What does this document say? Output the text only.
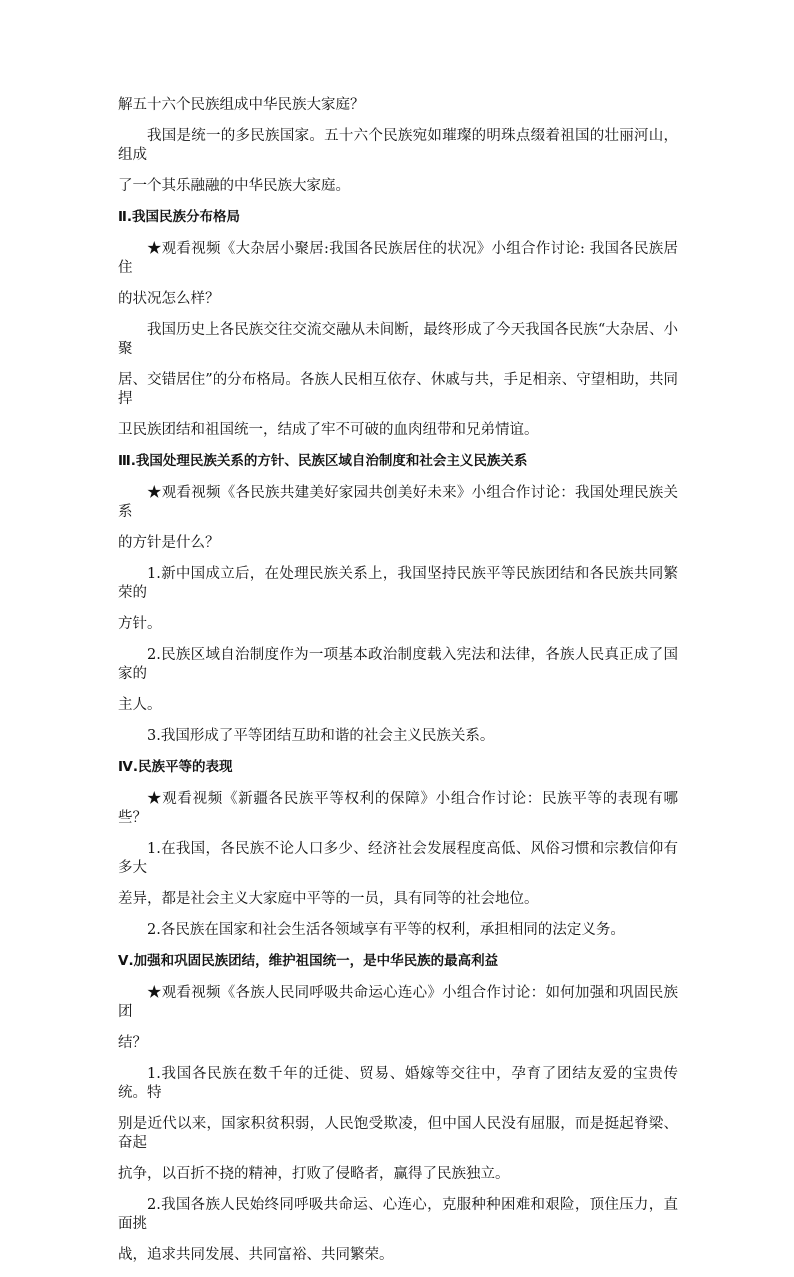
解五十六个民族组成中华民族大家庭？

我国是统一的多民族国家。五十六个民族宛如璀璨的明珠点缀着祖国的壮丽河山，组成

了一个其乐融融的中华民族大家庭。

Ⅱ.我国民族分布格局

★观看视频《大杂居小聚居:我国各民族居住的状况》小组合作讨论: 我国各民族居住

的状况怎么样？

我国历史上各民族交往交流交融从未间断，最终形成了今天我国各民族“大杂居、小聚

居、交错居住”的分布格局。各族人民相互依存、休戚与共，手足相亲、守望相助，共同捍

卫民族团结和祖国统一，结成了牢不可破的血肉纽带和兄弟情谊。

Ⅲ.我国处理民族关系的方针、民族区域自治制度和社会主义民族关系

★观看视频《各民族共建美好家园共创美好未来》小组合作讨论：我国处理民族关系

的方针是什么？

1.新中国成立后，在处理民族关系上，我国坚持民族平等民族团结和各民族共同繁荣的

方针。

2.民族区域自治制度作为一项基本政治制度载入宪法和法律，各族人民真正成了国家的

主人。

3.我国形成了平等团结互助和谐的社会主义民族关系。

Ⅳ.民族平等的表现

★观看视频《新疆各民族平等权利的保障》小组合作讨论：民族平等的表现有哪些？

1.在我国，各民族不论人口多少、经济社会发展程度高低、风俗习惯和宗教信仰有多大

差异，都是社会主义大家庭中平等的一员，具有同等的社会地位。

2.各民族在国家和社会生活各领域享有平等的权利，承担相同的法定义务。

Ⅴ.加强和巩固民族团结，维护祖国统一，是中华民族的最高利益

★观看视频《各族人民同呼吸共命运心连心》小组合作讨论：如何加强和巩固民族团

结？

1.我国各民族在数千年的迁徙、贸易、婚嫁等交往中，孕育了团结友爱的宝贵传统。特

别是近代以来，国家积贫积弱，人民饱受欺凌，但中国人民没有屈服，而是挺起脊梁、奋起

抗争，以百折不挠的精神，打败了侵略者，赢得了民族独立。

2.我国各族人民始终同呼吸共命运、心连心，克服种种困难和艰险，顶住压力，直面挑

战，追求共同发展、共同富裕、共同繁荣。
